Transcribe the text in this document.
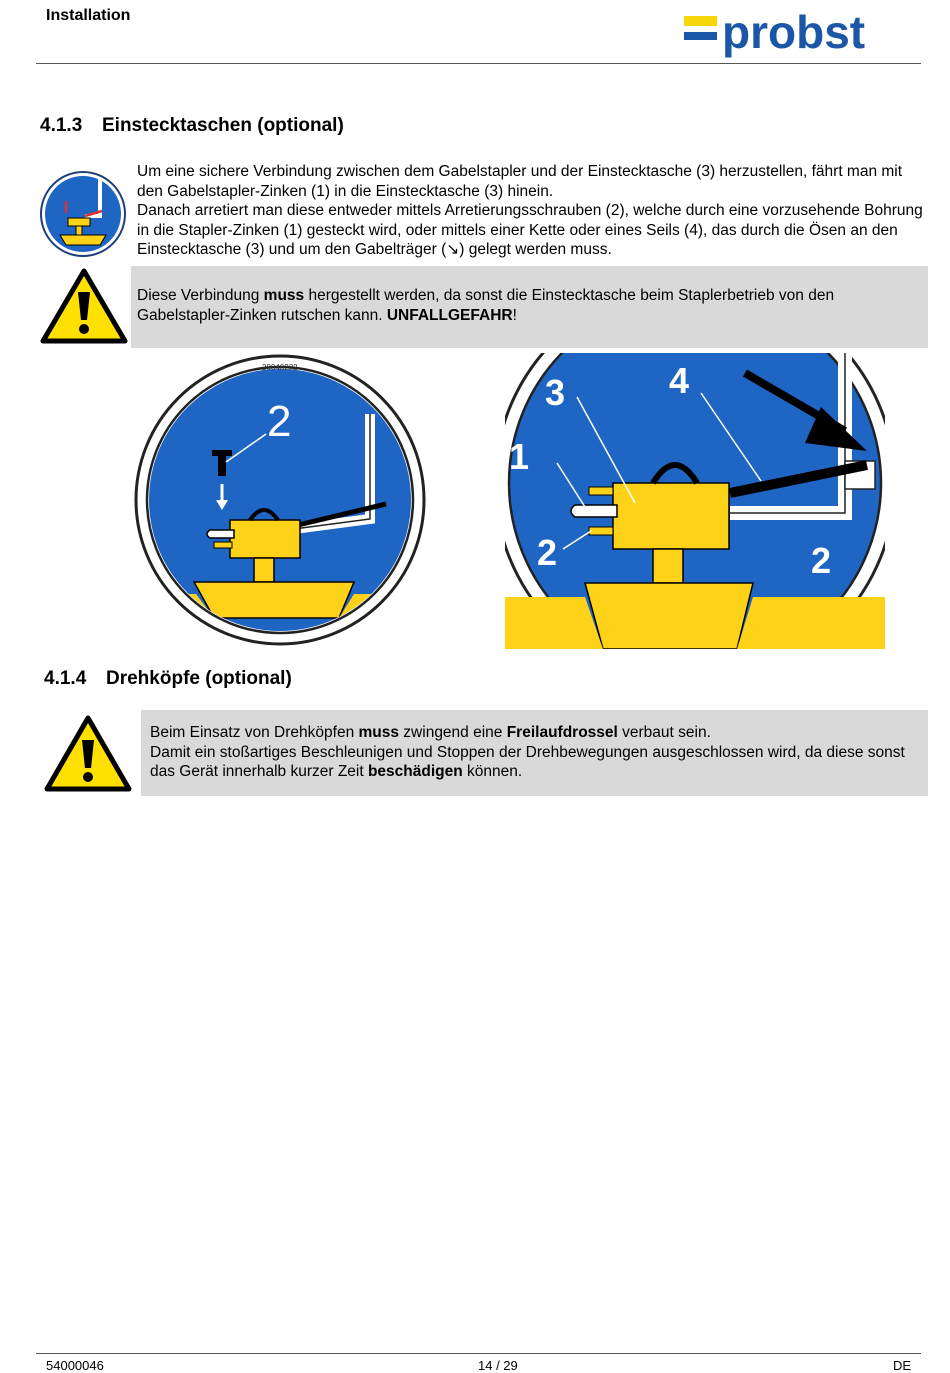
Installation	probst
4.1.3 Einstecktaschen (optional)

Um eine sichere Verbindung zwischen dem Gabelstapler und der Einstecktasche (3) herzustellen, fährt man mit den Gabelstapler-Zinken (1) in die Einstecktasche (3) hinein.

Danach arretiert man diese entweder mittels Arretierungsschrauben (2), welche durch eine vorzusehende Bohrung in die Stapler-Zinken (1) gesteckt wird, oder mittels einer Kette oder eines Seils (4), das durch die Ösen an den Einstecktasche (3) und um den Gabelträger (↘) gelegt werden muss.

Diese Verbindung muss hergestellt werden, da sonst die Einstecktasche beim Staplerbetrieb von den Gabelstapler-Zinken rutschen kann. UNFALLGEFAHR!

29040222
2
1
3	4
2	2
4.1.4 Drehköpfe (optional)

Beim Einsatz von Drehköpfen muss zwingend eine Freilaufdrossel verbaut sein.
Damit ein stoßartiges Beschleunigen und Stoppen der Drehbewegungen ausgeschlossen wird, da diese sonst das Gerät innerhalb kurzer Zeit beschädigen können.

54000046	14 / 29	DE
